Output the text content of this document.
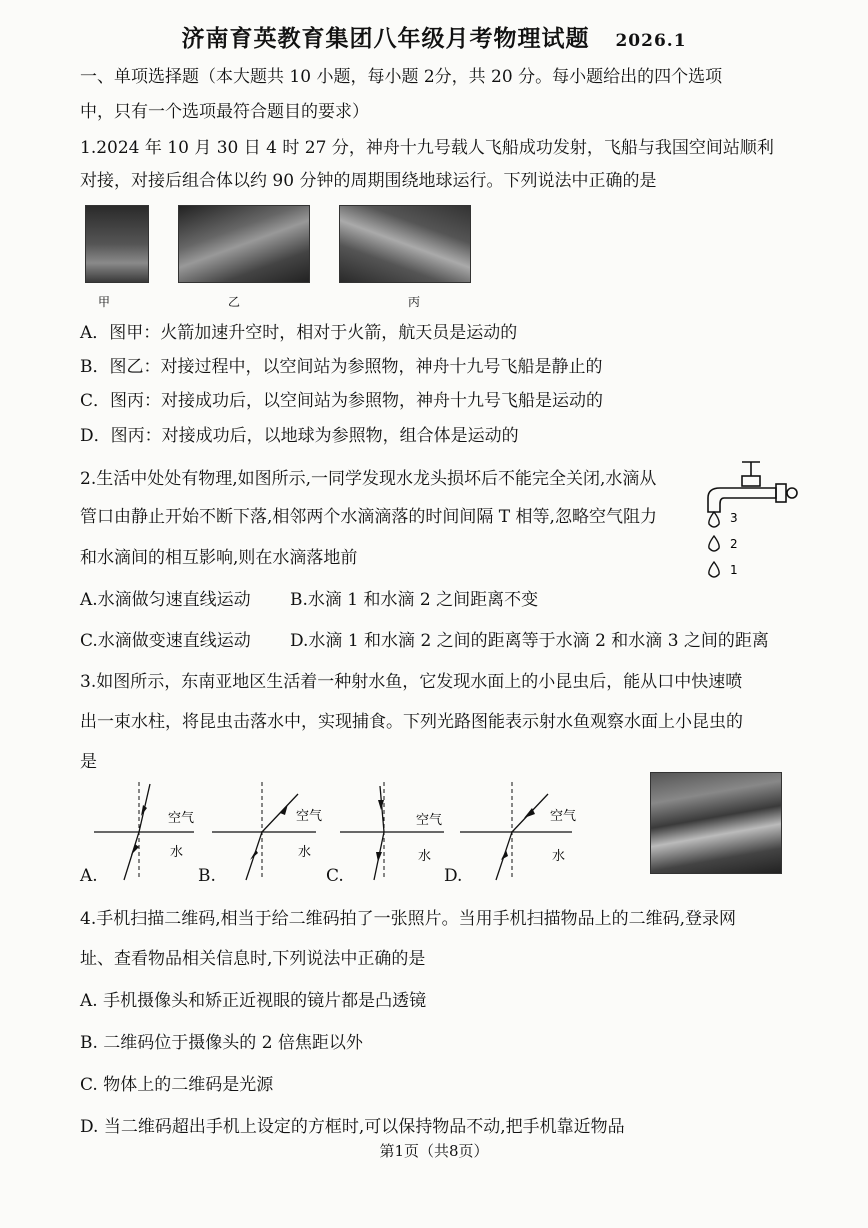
济南育英教育集团八年级月考物理试题 2026.1
一、单项选择题（本大题共 10 小题，每小题 2分，共 20 分。每小题给出的四个选项
中，只有一个选项最符合题目的要求）
1.2024 年 10 月 30 日 4 时 27 分，神舟十九号载人飞船成功发射，飞船与我国空间站顺利
对接，对接后组合体以约 90 分钟的周期围绕地球运行。下列说法中正确的是
甲	乙	丙
A．图甲：火箭加速升空时，相对于火箭，航天员是运动的
B．图乙：对接过程中，以空间站为参照物，神舟十九号飞船是静止的
C．图丙：对接成功后，以空间站为参照物，神舟十九号飞船是运动的
D．图丙：对接成功后，以地球为参照物，组合体是运动的
2.生活中处处有物理,如图所示,一同学发现水龙头损坏后不能完全关闭,水滴从
管口由静止开始不断下落,相邻两个水滴滴落的时间间隔 T 相等,忽略空气阻力
和水滴间的相互影响,则在水滴落地前
3
2
1
A.水滴做匀速直线运动 B.水滴 1 和水滴 2 之间距离不变
C.水滴做变速直线运动 D.水滴 1 和水滴 2 之间的距离等于水滴 2 和水滴 3 之间的距离
3.如图所示，东南亚地区生活着一种射水鱼，它发现水面上的小昆虫后，能从口中快速喷
出一束水柱，将昆虫击落水中，实现捕食。下列光路图能表示射水鱼观察水面上小昆虫的
是
空气
水
A.
空气
水
B.
空气
水
C.
空气
水
D.
4.手机扫描二维码,相当于给二维码拍了一张照片。当用手机扫描物品上的二维码,登录网
址、查看物品相关信息时,下列说法中正确的是
A. 手机摄像头和矫正近视眼的镜片都是凸透镜
B. 二维码位于摄像头的 2 倍焦距以外
C. 物体上的二维码是光源
D. 当二维码超出手机上设定的方框时,可以保持物品不动,把手机靠近物品
第1页（共8页）
